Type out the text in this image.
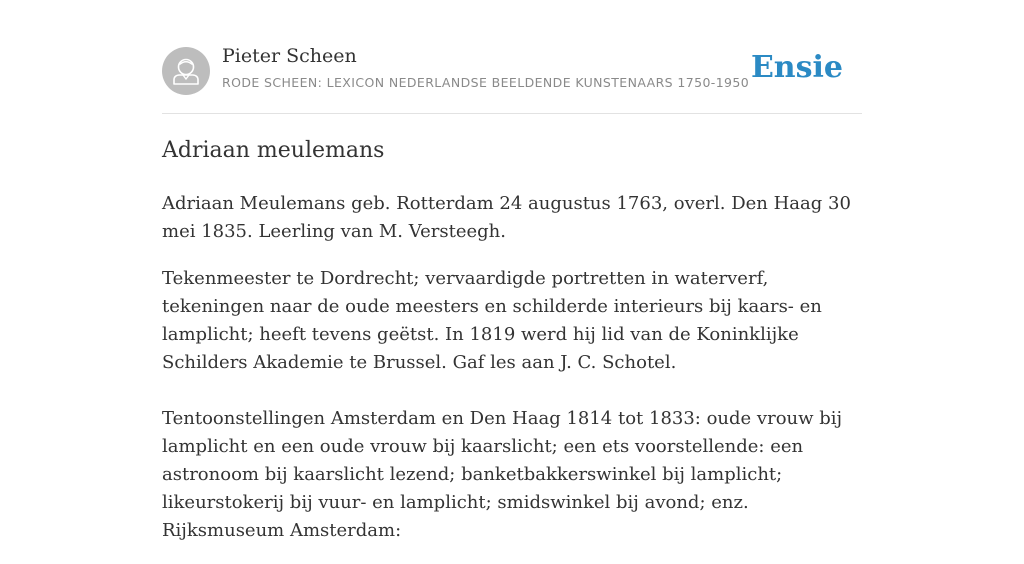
Pieter Scheen
RODE SCHEEN: LEXICON NEDERLANDSE BEELDENDE KUNSTENAARS 1750-1950 Ensie
Adriaan meulemans

Adriaan Meulemans geb. Rotterdam 24 augustus 1763, overl. Den Haag 30 mei 1835. Leerling van M. Versteegh.

Tekenmeester te Dordrecht; vervaardigde portretten in waterverf, tekeningen naar de oude meesters en schilderde interieurs bij kaars- en lamplicht; heeft tevens geëtst. In 1819 werd hij lid van de Koninklijke Schilders Akademie te Brussel. Gaf les aan J. C. Schotel.

Tentoonstellingen Amsterdam en Den Haag 1814 tot 1833: oude vrouw bij lamplicht en een oude vrouw bij kaarslicht; een ets voorstellende: een astronoom bij kaarslicht lezend; banketbakkerswinkel bij lamplicht; likeurstokerij bij vuur- en lamplicht; smidswinkel bij avond; enz. Rijksmuseum Amsterdam:
